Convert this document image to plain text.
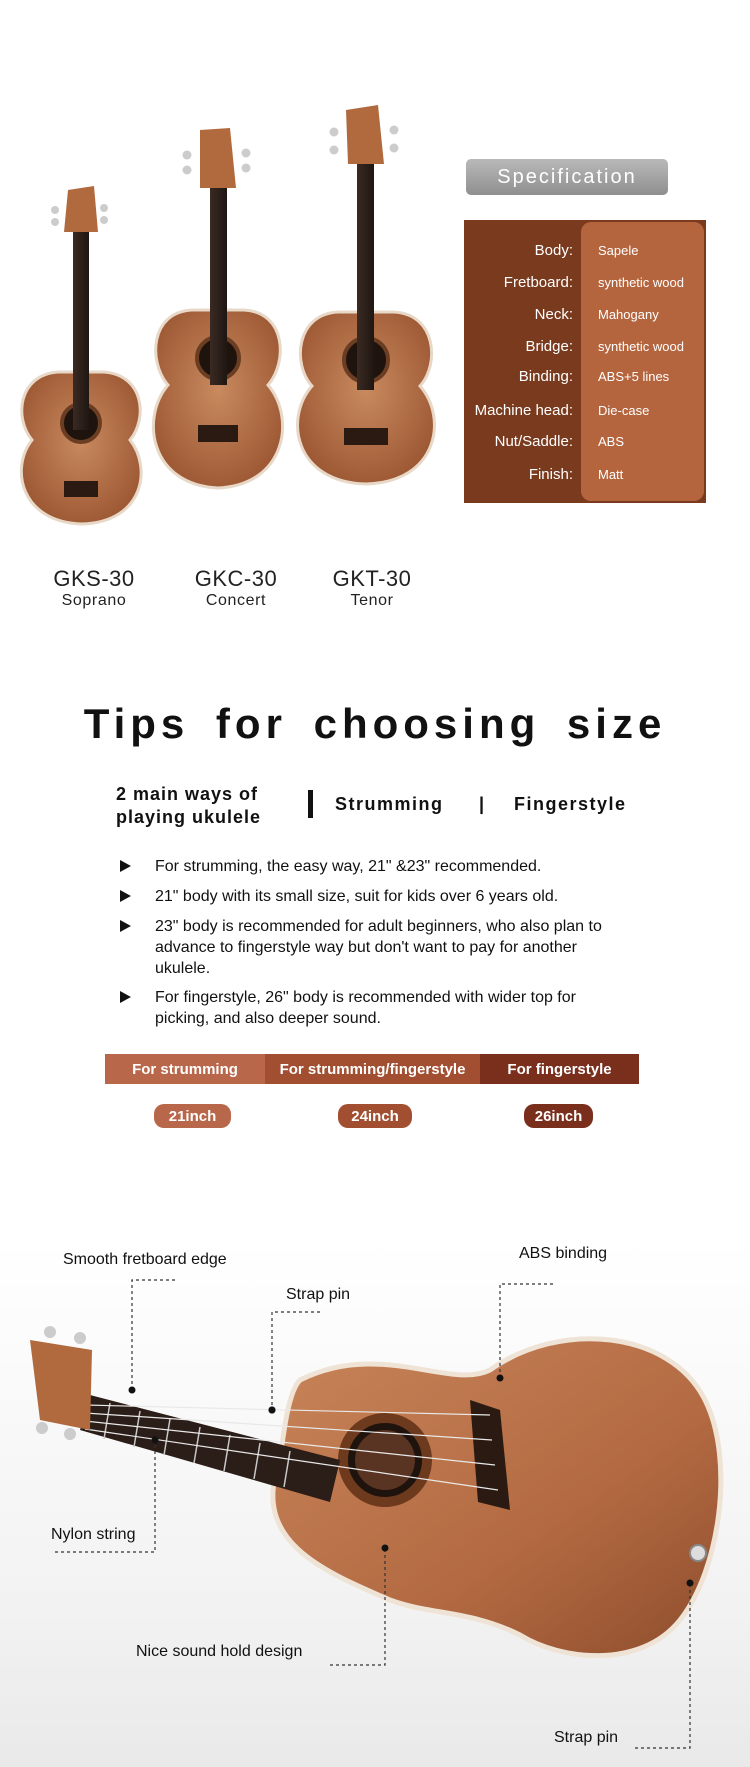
GKS-30
Soprano
GKC-30
Concert
GKT-30
Tenor
Specification
Body: Sapele
Fretboard: synthetic wood
Neck: Mahogany
Bridge: synthetic wood
Binding: ABS+5 lines
Machine head: Die-case
Nut/Saddle: ABS
Finish: Matt
Tips for choosing size
2 main ways of
playing ukulele
Strumming | Fingerstyle
For strumming, the easy way, 21" &23" recommended.
21" body with its small size, suit for kids over 6 years old.
23" body is recommended for adult beginners, who also plan to advance to fingerstyle way but don't want to pay for another ukulele.
For fingerstyle, 26" body is recommended with wider top for picking, and also deeper sound.
For strumming	For strumming/fingerstyle	For fingerstyle
21inch	24inch	26inch
Smooth fretboard edge
Strap pin
ABS binding
Nylon string
Nice sound hold design
Strap pin
